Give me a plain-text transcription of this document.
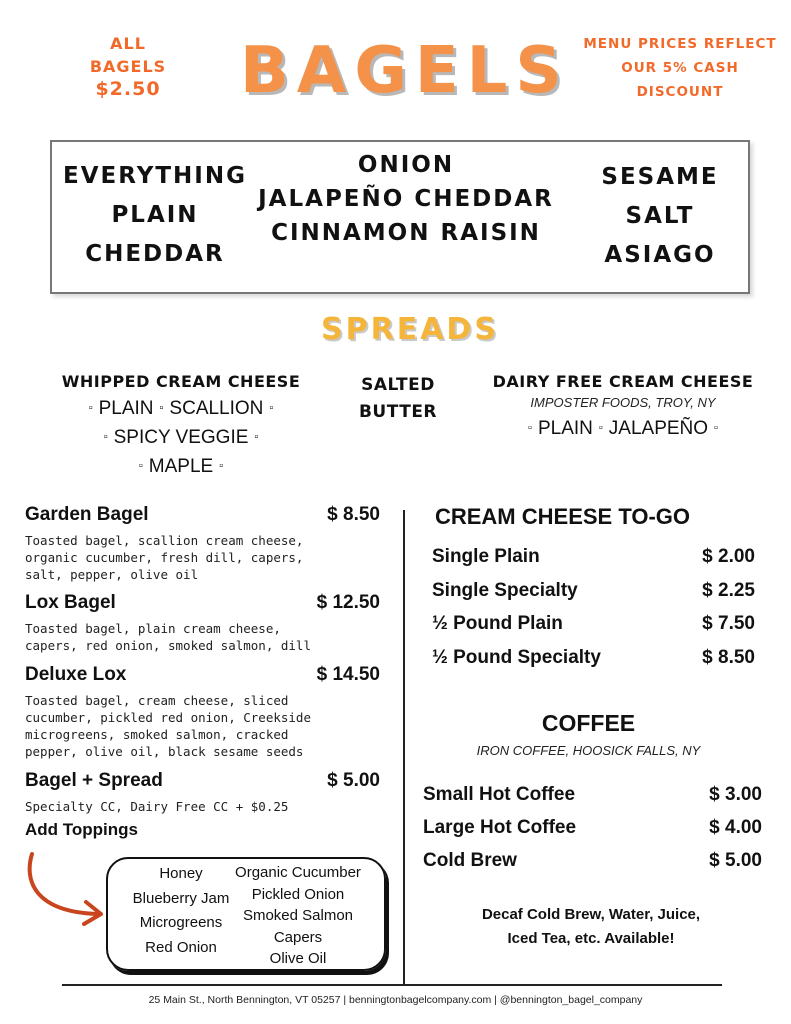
ALL
BAGELS
$2.50 BAGELS	MENU PRICES REFLECT
OUR 5% CASH
DISCOUNT
EVERYTHING
PLAIN
CHEDDAR
ONION
JALAPEÑO CHEDDAR
CINNAMON RAISIN
SESAME
SALT
ASIAGO
SPREADS
WHIPPED CREAM CHEESE
▫ PLAIN ▫ SCALLION ▫
▫ SPICY VEGGIE ▫
▫ MAPLE ▫
SALTED
BUTTER
DAIRY FREE CREAM CHEESE
IMPOSTER FOODS, TROY, NY
▫ PLAIN ▫ JALAPEÑO ▫
Garden Bagel	$ 8.50
Toasted bagel, scallion cream cheese,
organic cucumber, fresh dill, capers,
salt, pepper, olive oil
Lox Bagel	$ 12.50
Toasted bagel, plain cream cheese,
capers, red onion, smoked salmon, dill
Deluxe Lox	$ 14.50
Toasted bagel, cream cheese, sliced
cucumber, pickled red onion, Creekside
microgreens, smoked salmon, cracked
pepper, olive oil, black sesame seeds
Bagel + Spread	$ 5.00
Specialty CC, Dairy Free CC + $0.25
Add Toppings
Honey
Blueberry Jam
Microgreens
Red Onion
Organic Cucumber
Pickled Onion
Smoked Salmon
Capers
Olive Oil
CREAM CHEESE TO-GO
Single Plain	$ 2.00
Single Specialty	$ 2.25
½ Pound Plain	$ 7.50
½ Pound Specialty	$ 8.50
COFFEE
IRON COFFEE, HOOSICK FALLS, NY
Small Hot Coffee	$ 3.00
Large Hot Coffee	$ 4.00
Cold Brew	$ 5.00
Decaf Cold Brew, Water, Juice,
Iced Tea, etc. Available!
25 Main St., North Bennington, VT 05257 | benningtonbagelcompany.com | @bennington_bagel_company
